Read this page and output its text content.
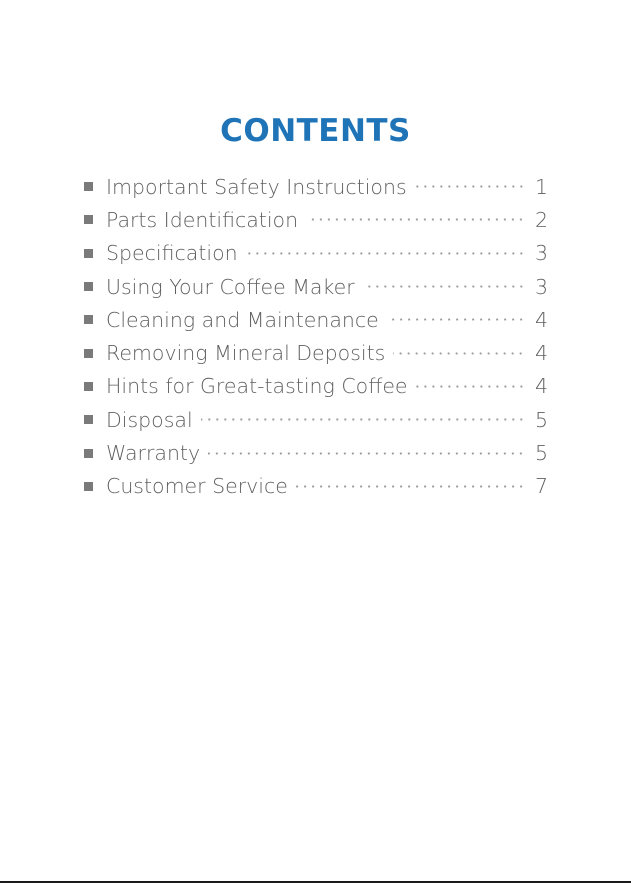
CONTENTS
Important Safety Instructions	1
Parts Identification	2
Specification	3
Using Your Coffee Maker	3
Cleaning and Maintenance	4
Removing Mineral Deposits	4
Hints for Great-tasting Coffee	4
Disposal	5
Warranty	5
Customer Service	7
